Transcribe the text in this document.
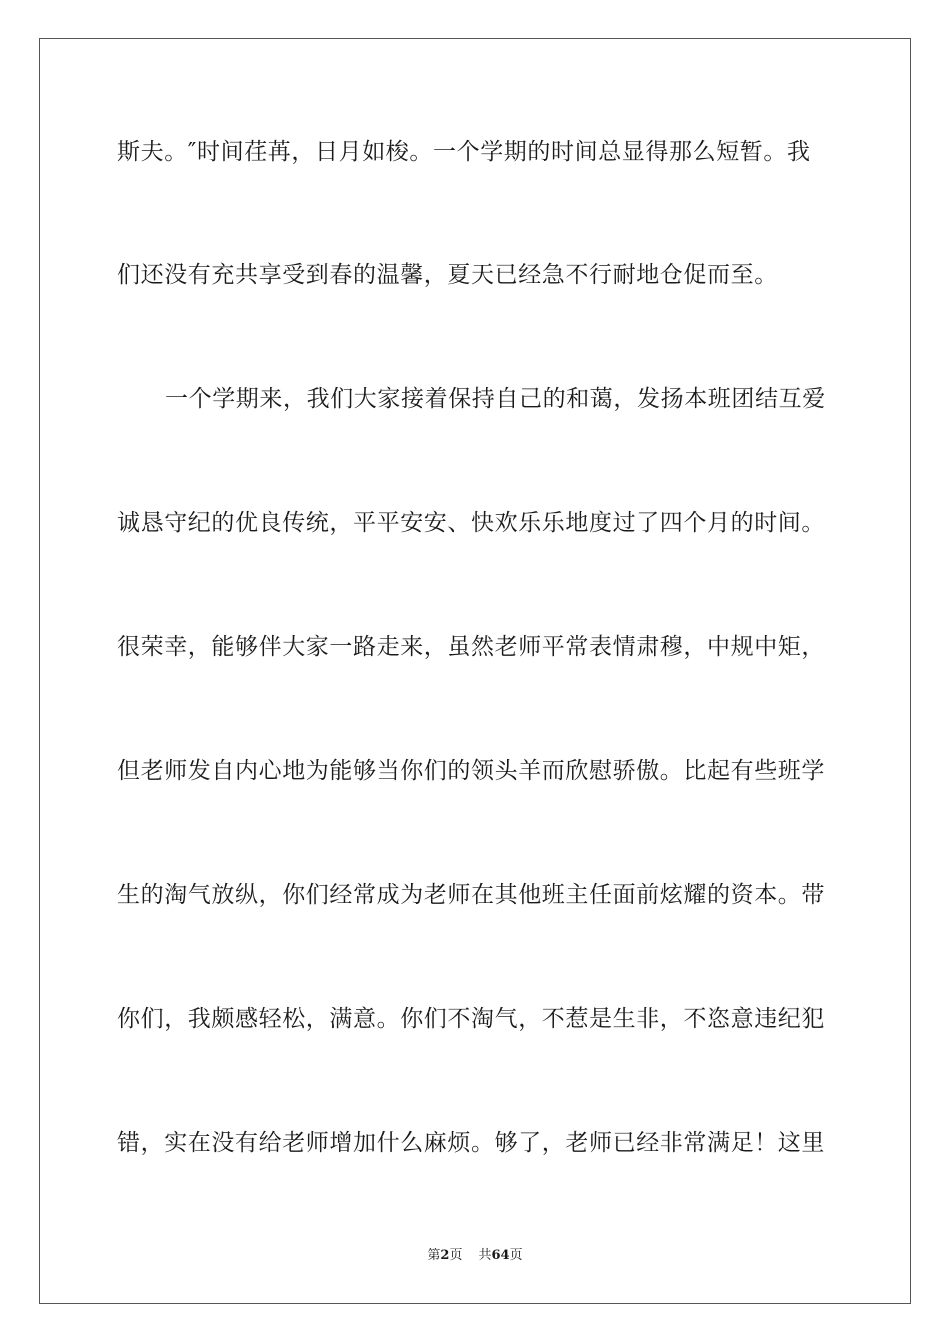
斯夫。″时间荏苒，日月如梭。一个学期的时间总显得那么短暂。我
们还没有充共享受到春的温馨，夏天已经急不行耐地仓促而至。
一个学期来，我们大家接着保持自己的和蔼，发扬本班团结互爱
诚恳守纪的优良传统，平平安安、快欢乐乐地度过了四个月的时间。
很荣幸，能够伴大家一路走来，虽然老师平常表情肃穆，中规中矩，
但老师发自内心地为能够当你们的领头羊而欣慰骄傲。比起有些班学
生的淘气放纵，你们经常成为老师在其他班主任面前炫耀的资本。带
你们，我颇感轻松，满意。你们不淘气，不惹是生非，不恣意违纪犯
错，实在没有给老师增加什么麻烦。够了，老师已经非常满足！这里
第2页 共64页
